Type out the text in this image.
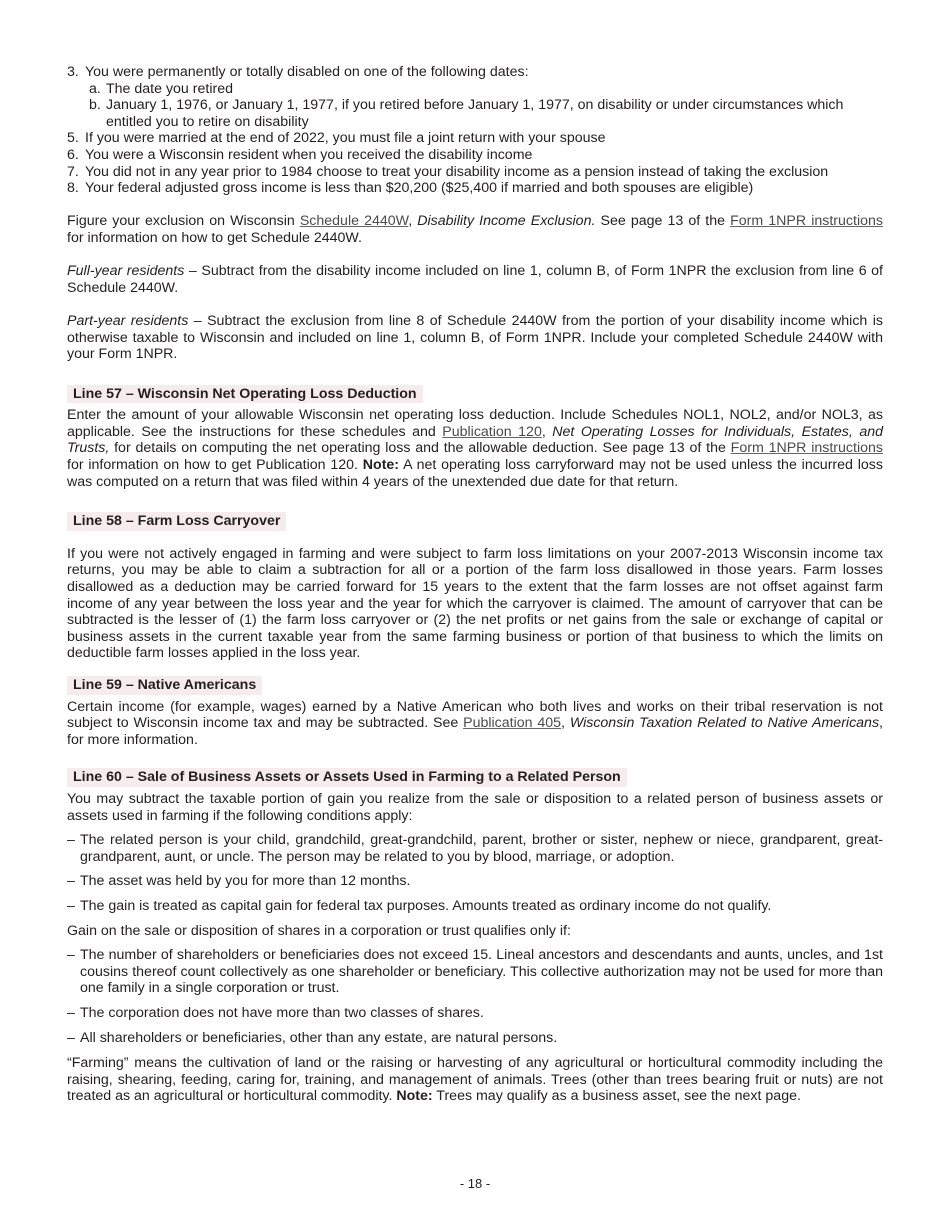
3. You were permanently or totally disabled on one of the following dates:
a. The date you retired
b. January 1, 1976, or January 1, 1977, if you retired before January 1, 1977, on disability or under circumstances which entitled you to retire on disability
5. If you were married at the end of 2022, you must file a joint return with your spouse
6. You were a Wisconsin resident when you received the disability income
7. You did not in any year prior to 1984 choose to treat your disability income as a pension instead of taking the exclusion
8. Your federal adjusted gross income is less than $20,200 ($25,400 if married and both spouses are eligible)

Figure your exclusion on Wisconsin Schedule 2440W, Disability Income Exclusion. See page 13 of the Form 1NPR instructions for information on how to get Schedule 2440W.

Full-year residents – Subtract from the disability income included on line 1, column B, of Form 1NPR the exclusion from line 6 of Schedule 2440W.

Part-year residents – Subtract the exclusion from line 8 of Schedule 2440W from the portion of your disability income which is otherwise taxable to Wisconsin and included on line 1, column B, of Form 1NPR. Include your completed Schedule 2440W with your Form 1NPR.

Line 57 – Wisconsin Net Operating Loss Deduction

Enter the amount of your allowable Wisconsin net operating loss deduction. Include Schedules NOL1, NOL2, and/or NOL3, as applicable. See the instructions for these schedules and Publication 120, Net Operating Losses for Individuals, Estates, and Trusts, for details on computing the net operating loss and the allowable deduction. See page 13 of the Form 1NPR instructions for information on how to get Publication 120. Note: A net operating loss carryforward may not be used unless the incurred loss was computed on a return that was filed within 4 years of the unextended due date for that return.

Line 58 – Farm Loss Carryover

If you were not actively engaged in farming and were subject to farm loss limitations on your 2007-2013 Wisconsin income tax returns, you may be able to claim a subtraction for all or a portion of the farm loss disallowed in those years. Farm losses disallowed as a deduction may be carried forward for 15 years to the extent that the farm losses are not offset against farm income of any year between the loss year and the year for which the carryover is claimed. The amount of carryover that can be subtracted is the lesser of (1) the farm loss carryover or (2) the net profits or net gains from the sale or exchange of capital or business assets in the current taxable year from the same farming business or portion of that business to which the limits on deductible farm losses applied in the loss year.

Line 59 – Native Americans

Certain income (for example, wages) earned by a Native American who both lives and works on their tribal reservation is not subject to Wisconsin income tax and may be subtracted. See Publication 405, Wisconsin Taxation Related to Native Americans, for more information.

Line 60 – Sale of Business Assets or Assets Used in Farming to a Related Person

You may subtract the taxable portion of gain you realize from the sale or disposition to a related person of business assets or assets used in farming if the following conditions apply:

– The related person is your child, grandchild, great-grandchild, parent, brother or sister, nephew or niece, grandparent, great-grandparent, aunt, or uncle. The person may be related to you by blood, marriage, or adoption.
– The asset was held by you for more than 12 months.
– The gain is treated as capital gain for federal tax purposes. Amounts treated as ordinary income do not qualify.

Gain on the sale or disposition of shares in a corporation or trust qualifies only if:

– The number of shareholders or beneficiaries does not exceed 15. Lineal ancestors and descendants and aunts, uncles, and 1st cousins thereof count collectively as one shareholder or beneficiary. This collective authorization may not be used for more than one family in a single corporation or trust.
– The corporation does not have more than two classes of shares.
– All shareholders or beneficiaries, other than any estate, are natural persons.

“Farming” means the cultivation of land or the raising or harvesting of any agricultural or horticultural commodity including the raising, shearing, feeding, caring for, training, and management of animals. Trees (other than trees bearing fruit or nuts) are not treated as an agricultural or horticultural commodity. Note: Trees may qualify as a business asset, see the next page.

- 18 -
